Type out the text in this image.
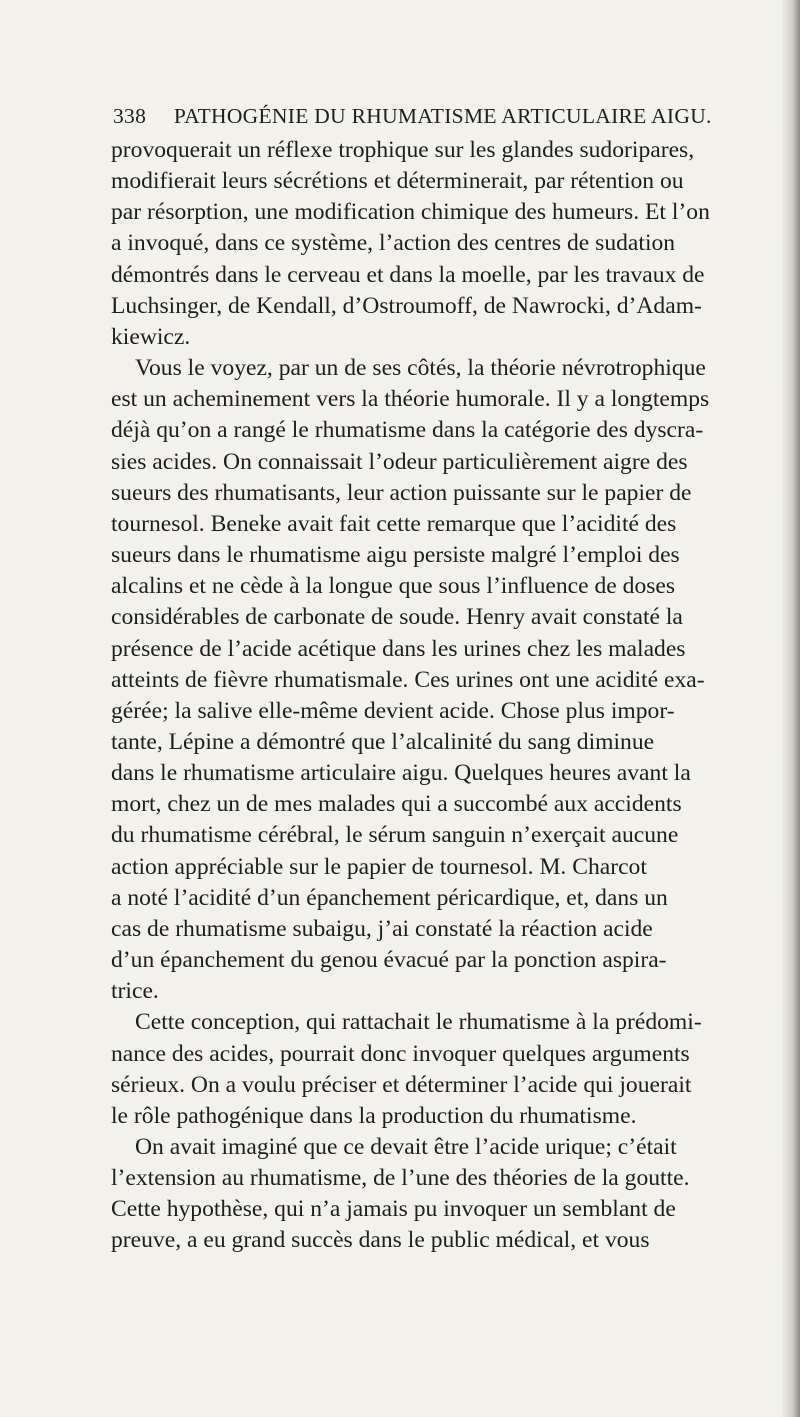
338 PATHOGÉNIE DU RHUMATISME ARTICULAIRE AIGU.
provoquerait un réflexe trophique sur les glandes sudoripares,
modifierait leurs sécrétions et déterminerait, par rétention ou
par résorption, une modification chimique des humeurs. Et l’on
a invoqué, dans ce système, l’action des centres de sudation
démontrés dans le cerveau et dans la moelle, par les travaux de
Luchsinger, de Kendall, d’Ostroumoff, de Nawrocki, d’Adam-
kiewicz.
Vous le voyez, par un de ses côtés, la théorie névrotrophique
est un acheminement vers la théorie humorale. Il y a longtemps
déjà qu’on a rangé le rhumatisme dans la catégorie des dyscra-
sies acides. On connaissait l’odeur particulièrement aigre des
sueurs des rhumatisants, leur action puissante sur le papier de
tournesol. Beneke avait fait cette remarque que l’acidité des
sueurs dans le rhumatisme aigu persiste malgré l’emploi des
alcalins et ne cède à la longue que sous l’influence de doses
considérables de carbonate de soude. Henry avait constaté la
présence de l’acide acétique dans les urines chez les malades
atteints de fièvre rhumatismale. Ces urines ont une acidité exa-
gérée; la salive elle-même devient acide. Chose plus impor-
tante, Lépine a démontré que l’alcalinité du sang diminue
dans le rhumatisme articulaire aigu. Quelques heures avant la
mort, chez un de mes malades qui a succombé aux accidents
du rhumatisme cérébral, le sérum sanguin n’exerçait aucune
action appréciable sur le papier de tournesol. M. Charcot
a noté l’acidité d’un épanchement péricardique, et, dans un
cas de rhumatisme subaigu, j’ai constaté la réaction acide
d’un épanchement du genou évacué par la ponction aspira-
trice.
Cette conception, qui rattachait le rhumatisme à la prédomi-
nance des acides, pourrait donc invoquer quelques arguments
sérieux. On a voulu préciser et déterminer l’acide qui jouerait
le rôle pathogénique dans la production du rhumatisme.
On avait imaginé que ce devait être l’acide urique; c’était
l’extension au rhumatisme, de l’une des théories de la goutte.
Cette hypothèse, qui n’a jamais pu invoquer un semblant de
preuve, a eu grand succès dans le public médical, et vous
